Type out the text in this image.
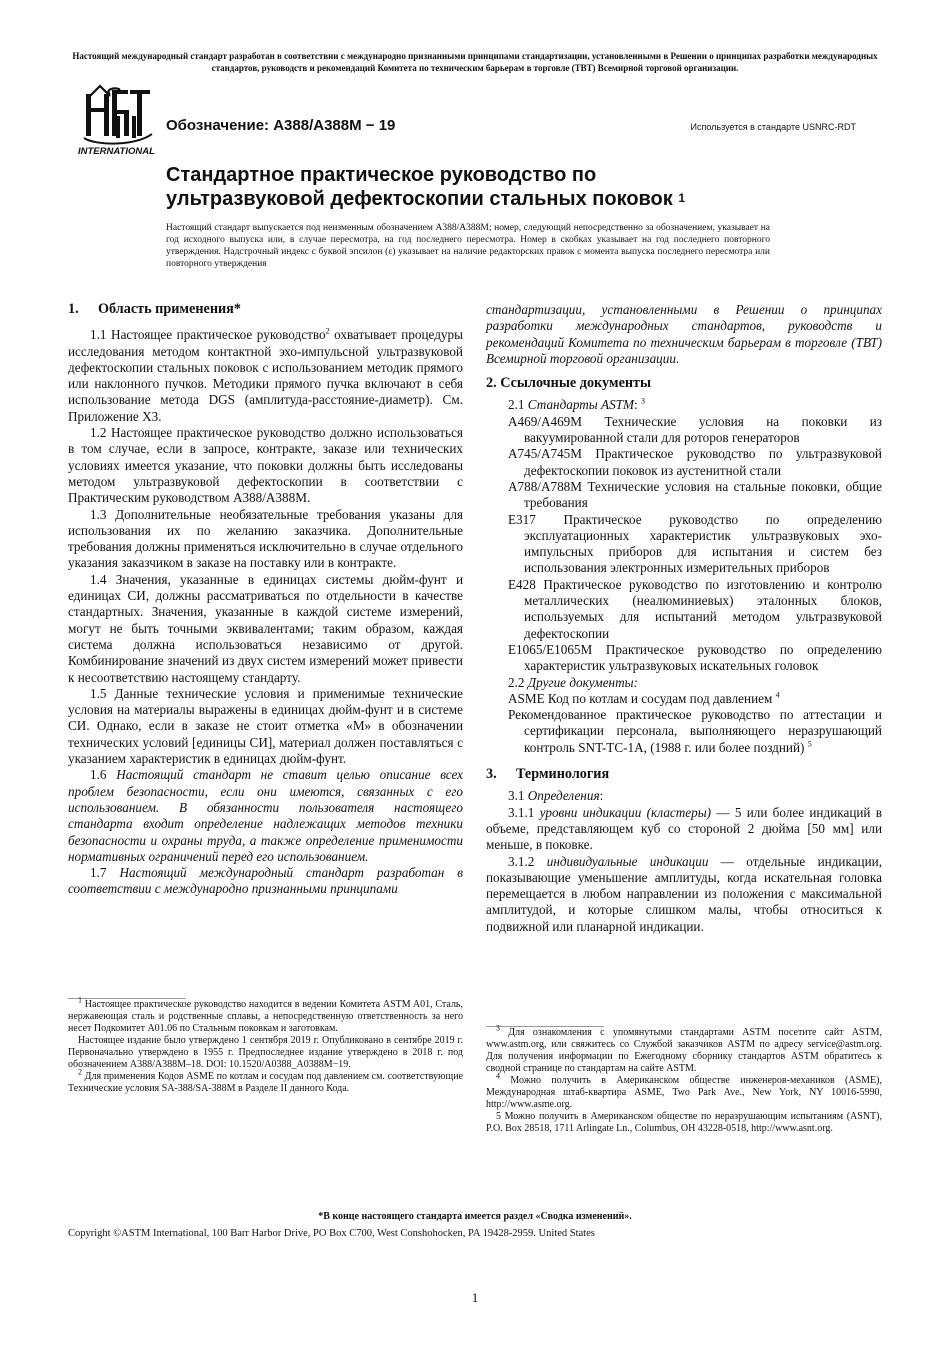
Настоящий международный стандарт разработан в соответствии с международно признанными принципами стандартизации, установленными в Решении о принципах разработки международных стандартов, руководств и рекомендаций Комитета по техническим барьерам в торговле (ТВТ) Всемирной торговой организации.
INTERNATIONAL
Обозначение: A388/A388M − 19	Используется в стандарте USNRC-RDT
Стандартное практическое руководство по
ультразвуковой дефектоскопии стальных поковок $^1$
Настоящий стандарт выпускается под неизменным обозначением A388/A388M; номер, следующий непосредственно за обозначением, указывает на год исходного выпуска или, в случае пересмотра, на год последнего пересмотра. Номер в скобках указывает на год последнего повторного утверждения. Надстрочный индекс с буквой эпсилон (ε) указывает на наличие редакторских правок с момента выпуска последнего пересмотра или повторного утверждения
1. Область применения*

1.1 Настоящее практическое руководство$^2$ охватывает процедуры исследования методом контактной эхо-импульсной ультразвуковой дефектоскопии стальных поковок с использованием методик прямого или наклонного пучков. Методики прямого пучка включают в себя использование метода DGS (амплитуда-расстояние-диаметр). См. Приложение X3.

1.2 Настоящее практическое руководство должно использоваться в том случае, если в запросе, контракте, заказе или технических условиях имеется указание, что поковки должны быть исследованы методом ультразвуковой дефектоскопии в соответствии с Практическим руководством A388/A388M.

1.3 Дополнительные необязательные требования указаны для использования их по желанию заказчика. Дополнительные требования должны применяться исключительно в случае отдельного указания заказчиком в заказе на поставку или в контракте.

1.4 Значения, указанные в единицах системы дюйм-фунт и единицах СИ, должны рассматриваться по отдельности в качестве стандартных. Значения, указанные в каждой системе измерений, могут не быть точными эквивалентами; таким образом, каждая система должна использоваться независимо от другой. Комбинирование значений из двух систем измерений может привести к несоответствию настоящему стандарту.

1.5 Данные технические условия и применимые технические условия на материалы выражены в единицах дюйм-фунт и в системе СИ. Однако, если в заказе не стоит отметка «M» в обозначении технических условий [единицы СИ], материал должен поставляться с указанием характеристик в единицах дюйм-фунт.

1.6 Настоящий стандарт не ставит целью описание всех проблем безопасности, если они имеются, связанных с его использованием. В обязанности пользователя настоящего стандарта входит определение надлежащих методов техники безопасности и охраны труда, а также определение применимости нормативных ограничений перед его использованием.

1.7 Настоящий международный стандарт разработан в соответствии с международно признанными принципами

$^1$ Настоящее практическое руководство находится в ведении Комитета ASTM A01, Сталь, нержавеющая сталь и родственные сплавы, а непосредственную ответственность за него несет Подкомитет A01.06 по Стальным поковкам и заготовкам.

Настоящее издание было утверждено 1 сентября 2019 г. Опубликовано в сентябре 2019 г. Первоначально утверждено в 1955 г. Предпоследнее издание утверждено в 2018 г. под обозначением A388/A388M–18. DOI: 10.1520/A0388_A0388M−19.

$^2$ Для применения Кодов ASME по котлам и сосудам под давлением см. соответствующие Технические условия SA-388/SA-388M в Разделе II данного Кода.

стандартизации, установленными в Решении о принципах разработки международных стандартов, руководств и рекомендаций Комитета по техническим барьерам в торговле (ТВТ) Всемирной торговой организации.

2. Ссылочные документы

2.1 Стандарты ASTM: $^3$

A469/A469M Технические условия на поковки из вакуумированной стали для роторов генераторов
A745/A745M Практическое руководство по ультразвуковой дефектоскопии поковок из аустенитной стали
A788/A788M Технические условия на стальные поковки, общие требования
E317 Практическое руководство по определению эксплуатационных характеристик ультразвуковых эхо-импульсных приборов для испытания и систем без использования электронных измерительных приборов
E428 Практическое руководство по изготовлению и контролю металлических (неалюминиевых) эталонных блоков, используемых для испытаний методом ультразвуковой дефектоскопии
E1065/E1065M Практическое руководство по определению характеристик ультразвуковых искательных головок

2.2 Другие документы:

ASME Код по котлам и сосудам под давлением $^4$
Рекомендованное практическое руководство по аттестации и сертификации персонала, выполняющего неразрушающий контроль SNT-TC-1A, (1988 г. или более поздний) $^5$
3. Терминология

3.1 Определения:

3.1.1 уровни индикации (кластеры) — 5 или более индикаций в объеме, представляющем куб со стороной 2 дюйма [50 мм] или меньше, в поковке.

3.1.2 индивидуальные индикации — отдельные индикации, показывающие уменьшение амплитуды, когда искательная головка перемещается в любом направлении из положения с максимальной амплитудой, и которые слишком малы, чтобы относиться к подвижной или планарной индикации.

$^3$ Для ознакомления с упомянутыми стандартами ASTM посетите сайт ASTM, www.astm.org, или свяжитесь со Службой заказчиков ASTM по адресу service@astm.org. Для получения информации по Ежегодному сборнику стандартов ASTM обратитесь к сводной странице по стандартам на сайте ASTM.

$^4$ Можно получить в Американском обществе инженеров-механиков (ASME), Международная штаб-квартира ASME, Two Park Ave., New York, NY 10016-5990, http://www.asme.org.

5 Можно получить в Американском обществе по неразрушающим испытаниям (ASNT), P.O. Box 28518, 1711 Arlingate Ln., Columbus, OH 43228-0518, http://www.asnt.org.

*В конце настоящего стандарта имеется раздел «Сводка изменений».
Copyright ©ASTM International, 100 Barr Harbor Drive, PO Box C700, West Conshohocken, PA 19428-2959. United States
1
